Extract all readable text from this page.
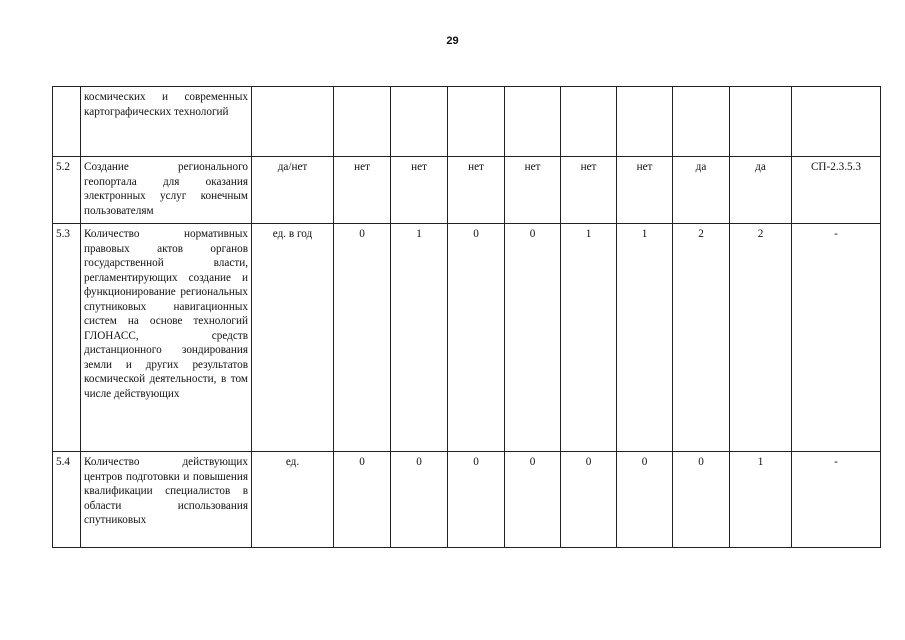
29
	космических и современных картографических технологий										
5.2	Создание регионального геопортала для оказания электронных услуг конечным пользователям	да/нет	нет	нет	нет	нет	нет	нет	да	да	СП-2.3.5.3
5.3	Количество нормативных правовых актов органов государственной власти, регламентирующих создание и функционирование региональных спутниковых навигационных систем на основе технологий ГЛОНАСС, средств дистанционного зондирования земли и других результатов космической деятельности, в том числе действующих	ед. в год	0	1	0	0	1	1	2	2	-
5.4	Количество действующих центров подготовки и повышения квалификации специалистов в области использования спутниковых	ед.	0	0	0	0	0	0	0	1	-
